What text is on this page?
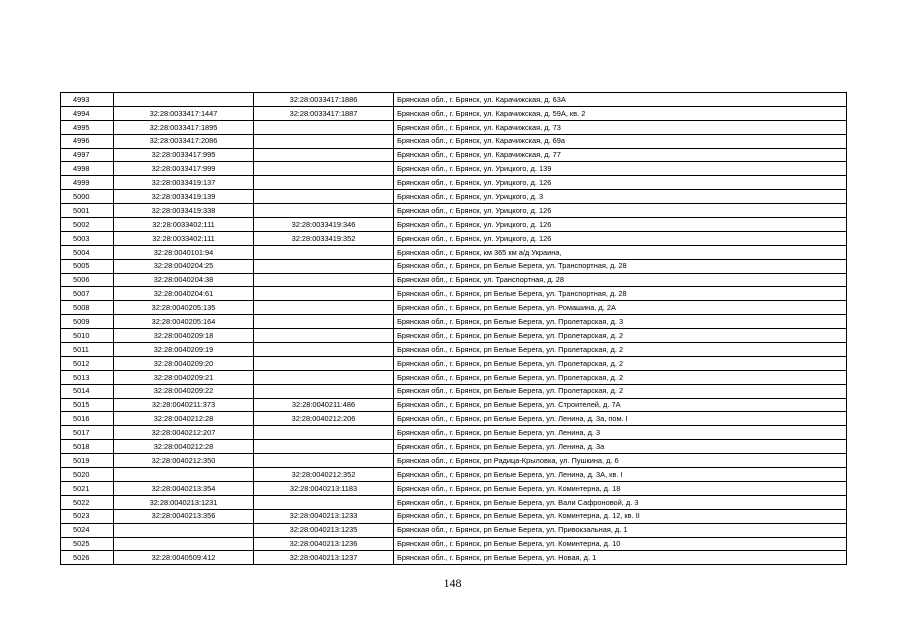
4993		32:28:0033417:1886	Брянская обл., г. Брянск, ул. Карачижская, д. 63А
4994	32:28:0033417:1447	32:28:0033417:1887	Брянская обл., г. Брянск, ул. Карачижская, д. 59А, кв. 2
4995	32:28:0033417:1895		Брянская обл., г. Брянск, ул. Карачижская, д. 73
4996	32:28:0033417:2086		Брянская обл., г. Брянск, ул. Карачижская, д. 69а
4997	32:28:0033417:995		Брянская обл., г. Брянск, ул. Карачижская, д. 77
4998	32:28:0033417:999		Брянская обл., г. Брянск, ул. Урицкого, д. 139
4999	32:28:0033419:137		Брянская обл., г. Брянск, ул. Урицкого, д. 126
5000	32:28:0033419:139		Брянская обл., г. Брянск, ул. Урицкого, д. 3
5001	32:28:0033419:338		Брянская обл., г. Брянск, ул. Урицкого, д. 126
5002	32:28:0033402:111	32:28:0033419:346	Брянская обл., г. Брянск, ул. Урицкого, д. 126
5003	32:28:0033402:111	32:28:0033419:352	Брянская обл., г. Брянск, ул. Урицкого, д. 126
5004	32:28:0040101:94		Брянская обл., г. Брянск, км 365 км а/д Украина,
5005	32:28:0040204:25		Брянская обл., г. Брянск, рп Белые Берега, ул. Транспортная, д. 28
5006	32:28:0040204:38		Брянская обл., г. Брянск, ул. Транспортная, д. 28
5007	32:28:0040204:61		Брянская обл., г. Брянск, рп Белые Берега, ул. Транспортная, д. 28
5008	32:28:0040205:135		Брянская обл., г. Брянск, рп Белые Берега, ул. Ромашина, д. 2А
5009	32:28:0040205:164		Брянская обл., г. Брянск, рп Белые Берега, ул. Пролетарская, д. 3
5010	32:28:0040209:18		Брянская обл., г. Брянск, рп Белые Берега, ул. Пролетарская, д. 2
5011	32:28:0040209:19		Брянская обл., г. Брянск, рп Белые Берега, ул. Пролетарская, д. 2
5012	32:28:0040209:20		Брянская обл., г. Брянск, рп Белые Берега, ул. Пролетарская, д. 2
5013	32:28:0040209:21		Брянская обл., г. Брянск, рп Белые Берега, ул. Пролетарская, д. 2
5014	32:28:0040209:22		Брянская обл., г. Брянск, рп Белые Берега, ул. Пролетарская, д. 2
5015	32:28:0040211:373	32:28:0040211:486	Брянская обл., г. Брянск, рп Белые Берега, ул. Строителей, д. 7А
5016	32:28:0040212:28	32:28:0040212:206	Брянская обл., г. Брянск, рп Белые Берега, ул. Ленина, д. 3а, пом. I
5017	32:28:0040212:207		Брянская обл., г. Брянск, рп Белые Берега, ул. Ленина, д. 3
5018	32:28:0040212:28		Брянская обл., г. Брянск, рп Белые Берега, ул. Ленина, д. 3а
5019	32:28:0040212:350		Брянская обл., г. Брянск, рп Радица-Крыловка, ул. Пушкина, д. 6
5020		32:28:0040212:352	Брянская обл., г. Брянск, рп Белые Берега, ул. Ленина, д. 3А, кв. I
5021	32:28:0040213:354	32:28:0040213:1183	Брянская обл., г. Брянск, рп Белые Берега, ул. Коминтерна, д. 18
5022	32:28:0040213:1231		Брянская обл., г. Брянск, рп Белые Берега, ул. Вали Сафроновой, д. 3
5023	32:28:0040213:356	32:28:0040213:1233	Брянская обл., г. Брянск, рп Белые Берега, ул. Коминтерна, д. 12, кв. II
5024		32:28:0040213:1235	Брянская обл., г. Брянск, рп Белые Берега, ул. Привокзальная, д. 1
5025		32:28:0040213:1236	Брянская обл., г. Брянск, рп Белые Берега, ул. Коминтерна, д. 10
5026	32:28:0040509:412	32:28:0040213:1237	Брянская обл., г. Брянск, рп Белые Берега, ул. Новая, д. 1
148
